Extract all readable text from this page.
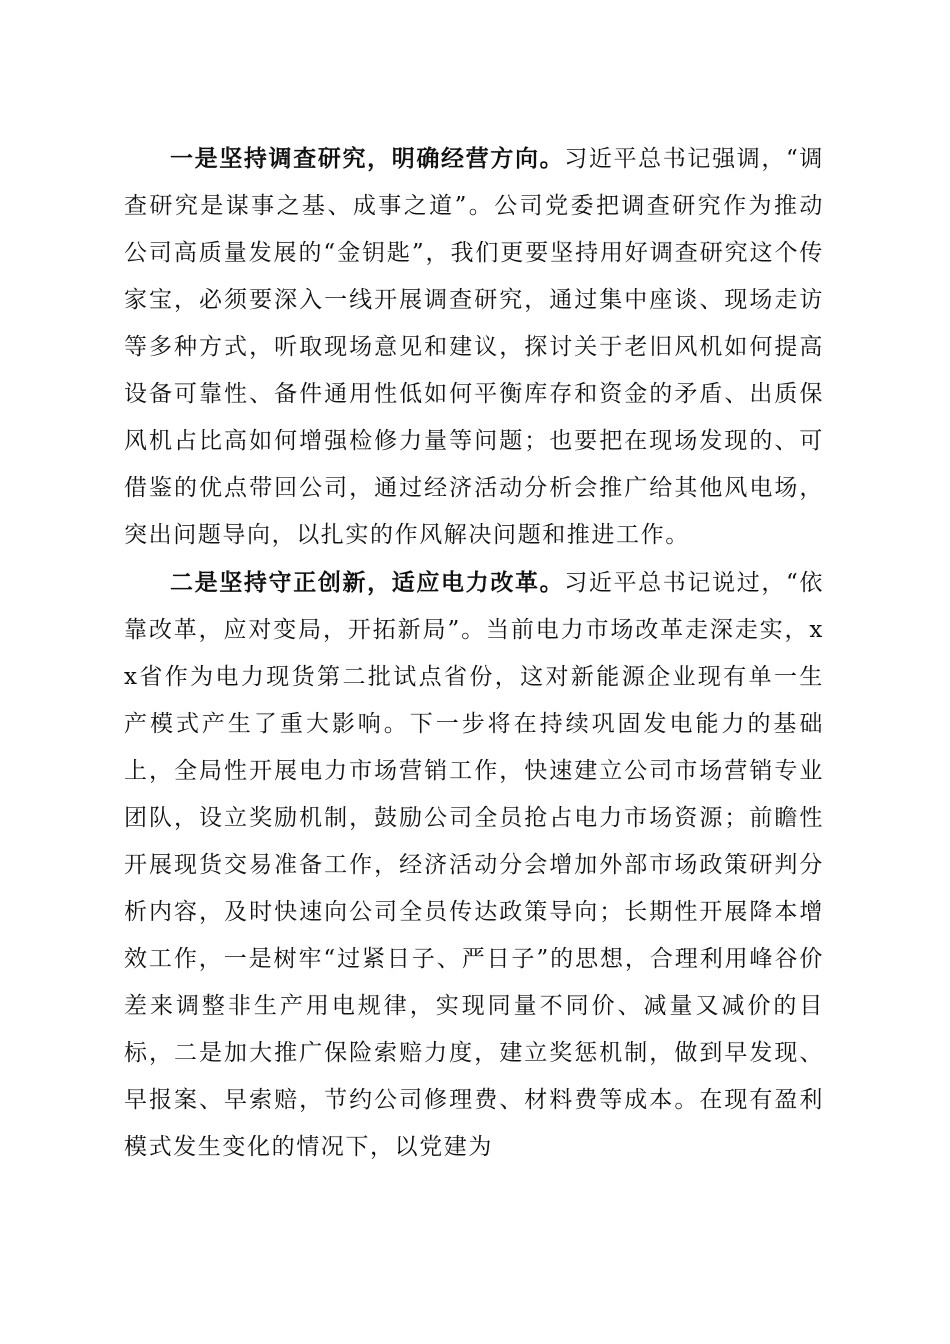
一是坚持调查研究，明确经营方向。习近平总书记强调，“调查研究是谋事之基、成事之道”。公司党委把调查研究作为推动公司高质量发展的“金钥匙”，我们更要坚持用好调查研究这个传家宝，必须要深入一线开展调查研究，通过集中座谈、现场走访等多种方式，听取现场意见和建议，探讨关于老旧风机如何提高设备可靠性、备件通用性低如何平衡库存和资金的矛盾、出质保风机占比高如何增强检修力量等问题；也要把在现场发现的、可借鉴的优点带回公司，通过经济活动分析会推广给其他风电场，突出问题导向，以扎实的作风解决问题和推进工作。

二是坚持守正创新，适应电力改革。习近平总书记说过，“依靠改革，应对变局，开拓新局”。当前电力市场改革走深走实，xx省作为电力现货第二批试点省份，这对新能源企业现有单一生产模式产生了重大影响。下一步将在持续巩固发电能力的基础上，全局性开展电力市场营销工作，快速建立公司市场营销专业团队，设立奖励机制，鼓励公司全员抢占电力市场资源；前瞻性开展现货交易准备工作，经济活动分会增加外部市场政策研判分析内容，及时快速向公司全员传达政策导向；长期性开展降本增效工作，一是树牢“过紧日子、严日子”的思想，合理利用峰谷价差来调整非生产用电规律，实现同量不同价、减量又减价的目标，二是加大推广保险索赔力度，建立奖惩机制，做到早发现、早报案、早索赔，节约公司修理费、材料费等成本。在现有盈利模式发生变化的情况下，以党建为
